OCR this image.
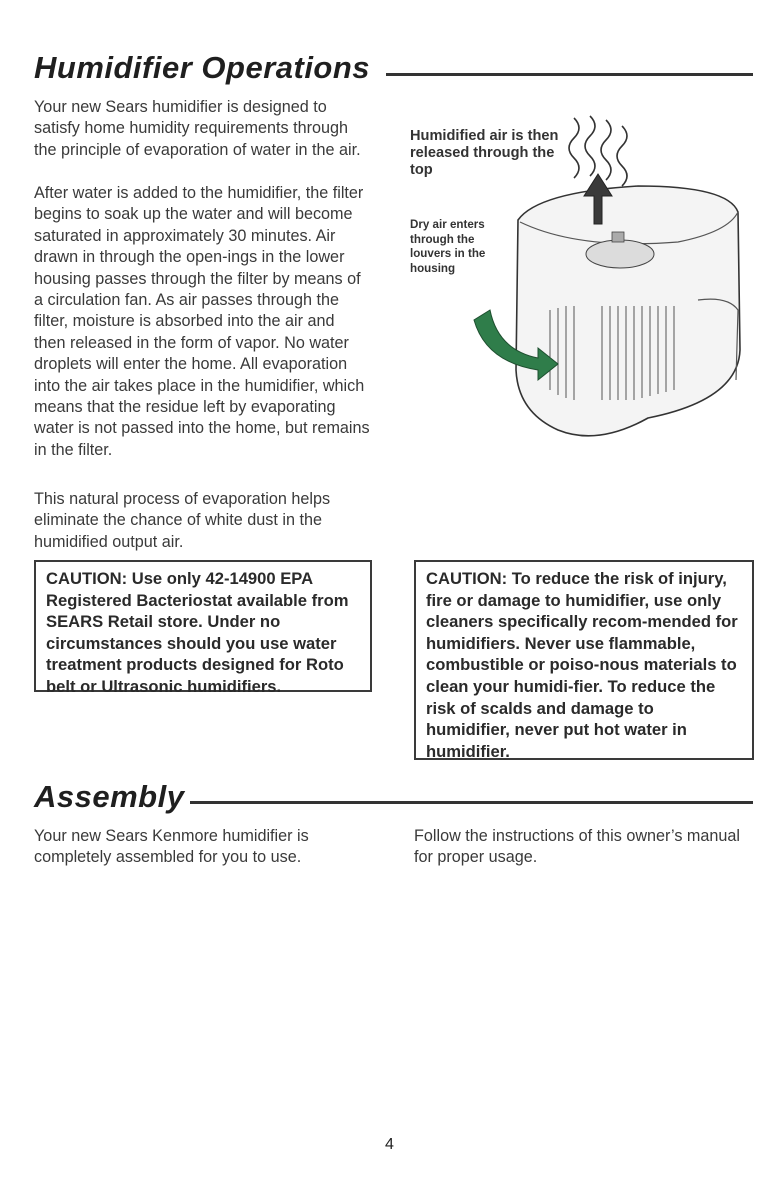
Humidifier Operations

Your new Sears humidifier is designed to satisfy home humidity requirements through the principle of evaporation of water in the air.

After water is added to the humidifier, the filter begins to soak up the water and will become saturated in approximately 30 minutes. Air drawn in through the open-ings in the lower housing passes through the filter by means of a circulation fan. As air passes through the filter, moisture is absorbed into the air and then released in the form of vapor. No water droplets will enter the home. All evaporation into the air takes place in the humidifier, which means that the residue left by evaporating water is not passed into the home, but remains in the filter.

This natural process of evaporation helps eliminate the chance of white dust in the humidified output air.

Humidified air is then released through the top

Dry air enters through the louvers in the housing

CAUTION: Use only 42-14900 EPA Registered Bacteriostat available from SEARS Retail store. Under no circumstances should you use water treatment products designed for Roto belt or Ultrasonic humidifiers.

CAUTION: To reduce the risk of injury, fire or damage to humidifier, use only cleaners specifically recom-mended for humidifiers. Never use flammable, combustible or poiso-nous materials to clean your humidi-fier. To reduce the risk of scalds and damage to humidifier, never put hot water in humidifier.

Assembly

Your new Sears Kenmore humidifier is completely assembled for you to use.

Follow the instructions of this owner’s manual for proper usage.

4
